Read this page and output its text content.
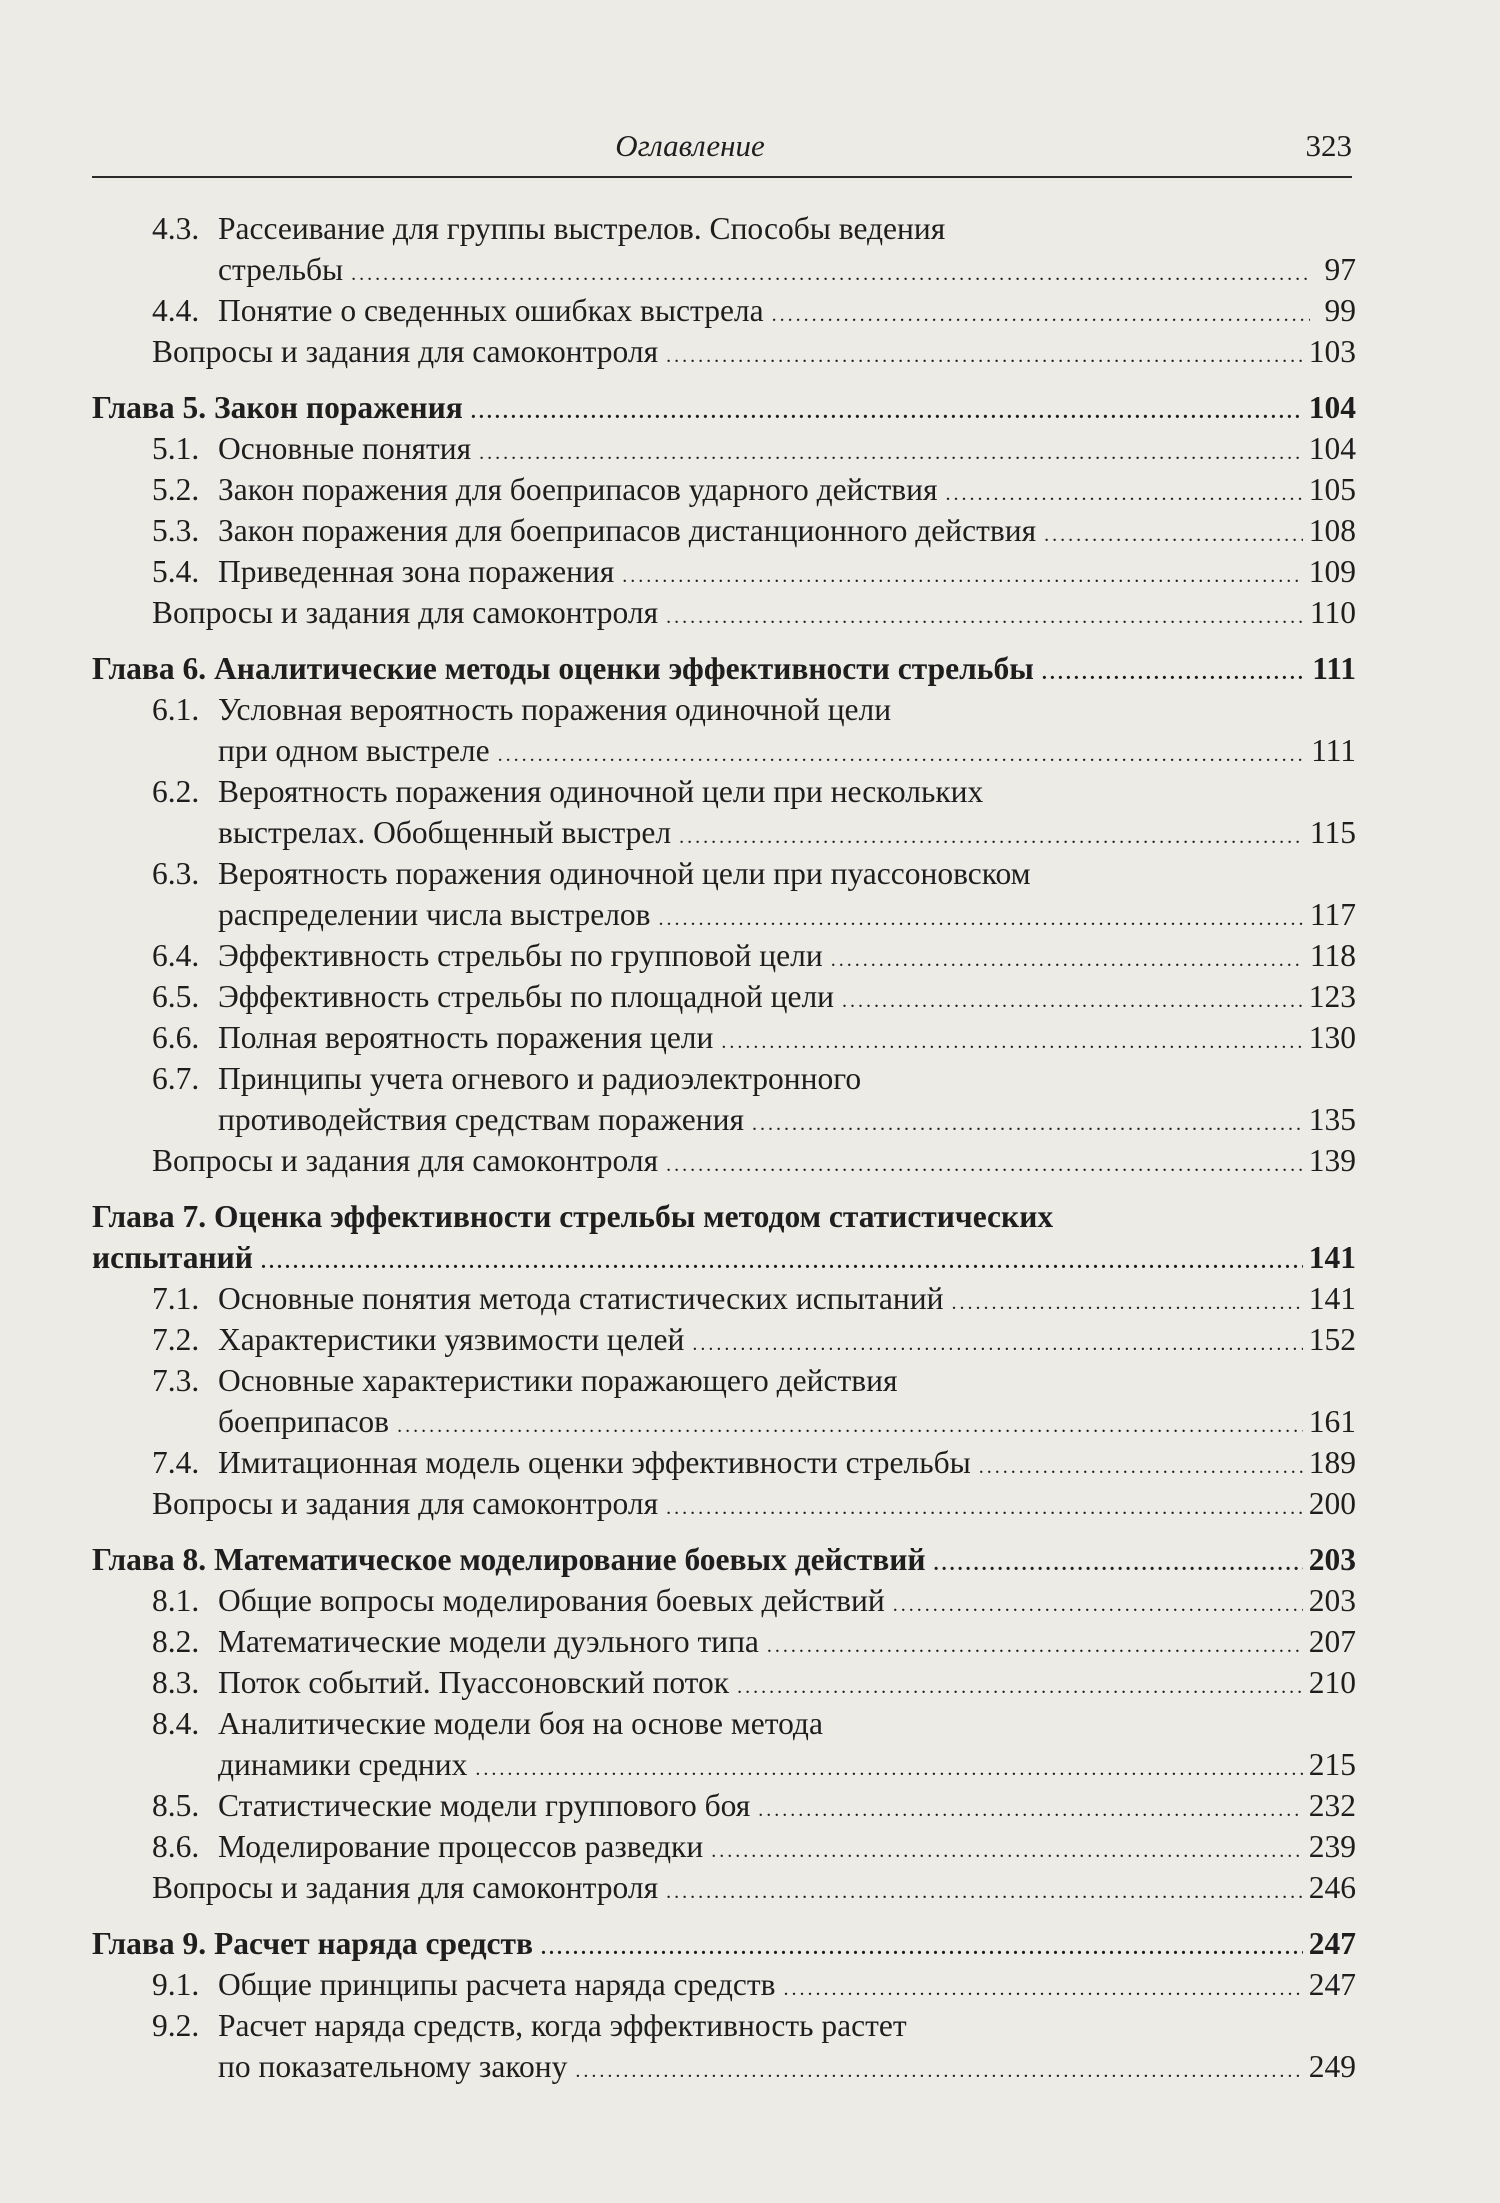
Оглавление	323
4.3. Рассеивание для группы выстрелов. Способы ведения
стрельбы . . .	97
4.4. Понятие о сведенных ошибках выстрела . . .	99
Вопросы и задания для самоконтроля . . .	103
Глава 5. Закон поражения . . .	104
5.1. Основные понятия . . .	104
5.2. Закон поражения для боеприпасов ударного действия . . .	105
5.3. Закон поражения для боеприпасов дистанционного действия . . .	108
5.4. Приведенная зона поражения . . .	109
Вопросы и задания для самоконтроля . . .	110
Глава 6. Аналитические методы оценки эффективности стрельбы . . .	111
6.1. Условная вероятность поражения одиночной цели
при одном выстреле . . .	111
6.2. Вероятность поражения одиночной цели при нескольких
выстрелах. Обобщенный выстрел . . .	115
6.3. Вероятность поражения одиночной цели при пуассоновском
распределении числа выстрелов . . .	117
6.4. Эффективность стрельбы по групповой цели . . .	118
6.5. Эффективность стрельбы по площадной цели . . .	123
6.6. Полная вероятность поражения цели . . .	130
6.7. Принципы учета огневого и радиоэлектронного
противодействия средствам поражения . . .	135
Вопросы и задания для самоконтроля . . .	139
Глава 7. Оценка эффективности стрельбы методом статистических
испытаний . . .	141
7.1. Основные понятия метода статистических испытаний . . .	141
7.2. Характеристики уязвимости целей . . .	152
7.3. Основные характеристики поражающего действия
боеприпасов . . .	161
7.4. Имитационная модель оценки эффективности стрельбы . . .	189
Вопросы и задания для самоконтроля . . .	200
Глава 8. Математическое моделирование боевых действий . . .	203
8.1. Общие вопросы моделирования боевых действий . . .	203
8.2. Математические модели дуэльного типа . . .	207
8.3. Поток событий. Пуассоновский поток . . .	210
8.4. Аналитические модели боя на основе метода
динамики средних . . .	215
8.5. Статистические модели группового боя . . .	232
8.6. Моделирование процессов разведки . . .	239
Вопросы и задания для самоконтроля . . .	246
Глава 9. Расчет наряда средств . . .	247
9.1. Общие принципы расчета наряда средств . . .	247
9.2. Расчет наряда средств, когда эффективность растет
по показательному закону . . .	249
